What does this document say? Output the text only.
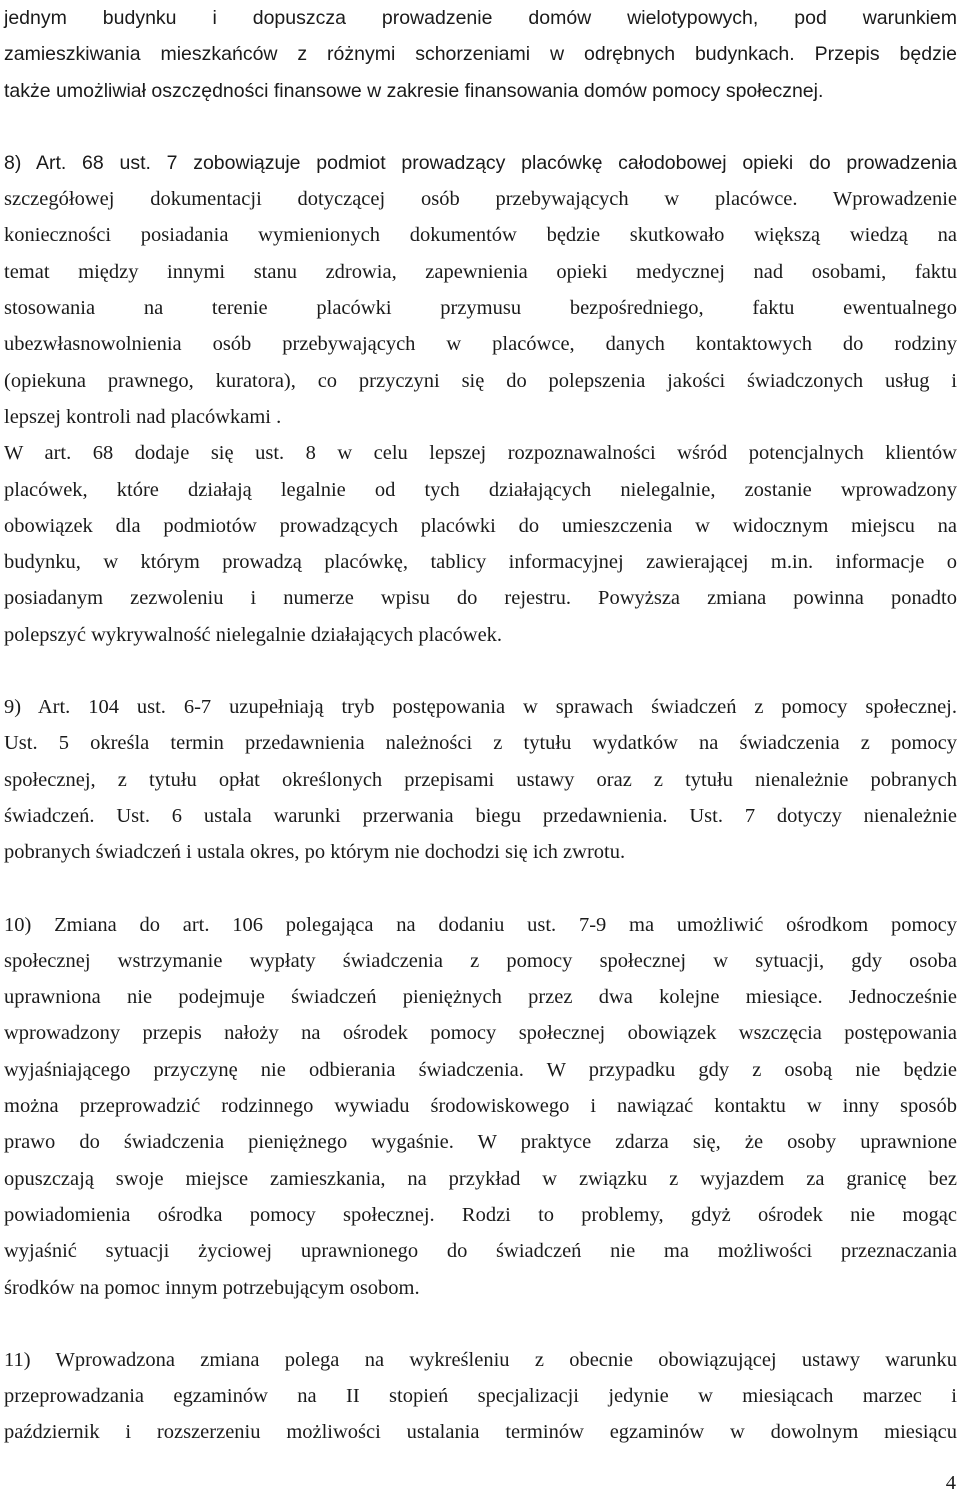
jednym budynku i dopuszcza prowadzenie domów wielotypowych, pod warunkiem
zamieszkiwania mieszkańców z różnymi schorzeniami w odrębnych budynkach. Przepis będzie
także umożliwiał oszczędności finansowe w zakresie finansowania domów pomocy społecznej.
8) Art. 68 ust. 7 zobowiązuje podmiot prowadzący placówkę całodobowej opieki do prowadzenia
szczegółowej dokumentacji dotyczącej osób przebywających w placówce. Wprowadzenie
konieczności posiadania wymienionych dokumentów będzie skutkowało większą wiedzą na
temat między innymi stanu zdrowia, zapewnienia opieki medycznej nad osobami, faktu
stosowania na terenie placówki przymusu bezpośredniego, faktu ewentualnego
ubezwłasnowolnienia osób przebywających w placówce, danych kontaktowych do rodziny
(opiekuna prawnego, kuratora), co przyczyni się do polepszenia jakości świadczonych usług i
lepszej kontroli nad placówkami .
W art. 68 dodaje się ust. 8 w celu lepszej rozpoznawalności wśród potencjalnych klientów
placówek, które działają legalnie od tych działających nielegalnie, zostanie wprowadzony
obowiązek dla podmiotów prowadzących placówki do umieszczenia w widocznym miejscu na
budynku, w którym prowadzą placówkę, tablicy informacyjnej zawierającej m.in. informacje o
posiadanym zezwoleniu i numerze wpisu do rejestru. Powyższa zmiana powinna ponadto
polepszyć wykrywalność nielegalnie działających placówek.
9) Art. 104 ust. 6-7 uzupełniają tryb postępowania w sprawach świadczeń z pomocy społecznej.
Ust. 5 określa termin przedawnienia należności z tytułu wydatków na świadczenia z pomocy
społecznej, z tytułu opłat określonych przepisami ustawy oraz z tytułu nienależnie pobranych
świadczeń. Ust. 6 ustala warunki przerwania biegu przedawnienia. Ust. 7 dotyczy nienależnie
pobranych świadczeń i ustala okres, po którym nie dochodzi się ich zwrotu.
10) Zmiana do art. 106 polegająca na dodaniu ust. 7-9 ma umożliwić ośrodkom pomocy
społecznej wstrzymanie wypłaty świadczenia z pomocy społecznej w sytuacji, gdy osoba
uprawniona nie podejmuje świadczeń pieniężnych przez dwa kolejne miesiące. Jednocześnie
wprowadzony przepis nałoży na ośrodek pomocy społecznej obowiązek wszczęcia postępowania
wyjaśniającego przyczynę nie odbierania świadczenia. W przypadku gdy z osobą nie będzie
można przeprowadzić rodzinnego wywiadu środowiskowego i nawiązać kontaktu w inny sposób
prawo do świadczenia pieniężnego wygaśnie. W praktyce zdarza się, że osoby uprawnione
opuszczają swoje miejsce zamieszkania, na przykład w związku z wyjazdem za granicę bez
powiadomienia ośrodka pomocy społecznej. Rodzi to problemy, gdyż ośrodek nie mogąc
wyjaśnić sytuacji życiowej uprawnionego do świadczeń nie ma możliwości przeznaczania
środków na pomoc innym potrzebującym osobom.
11) Wprowadzona zmiana polega na wykreśleniu z obecnie obowiązującej ustawy warunku
przeprowadzania egzaminów na II stopień specjalizacji jedynie w miesiącach marzec i
październik i rozszerzeniu możliwości ustalania terminów egzaminów w dowolnym miesiącu
4
